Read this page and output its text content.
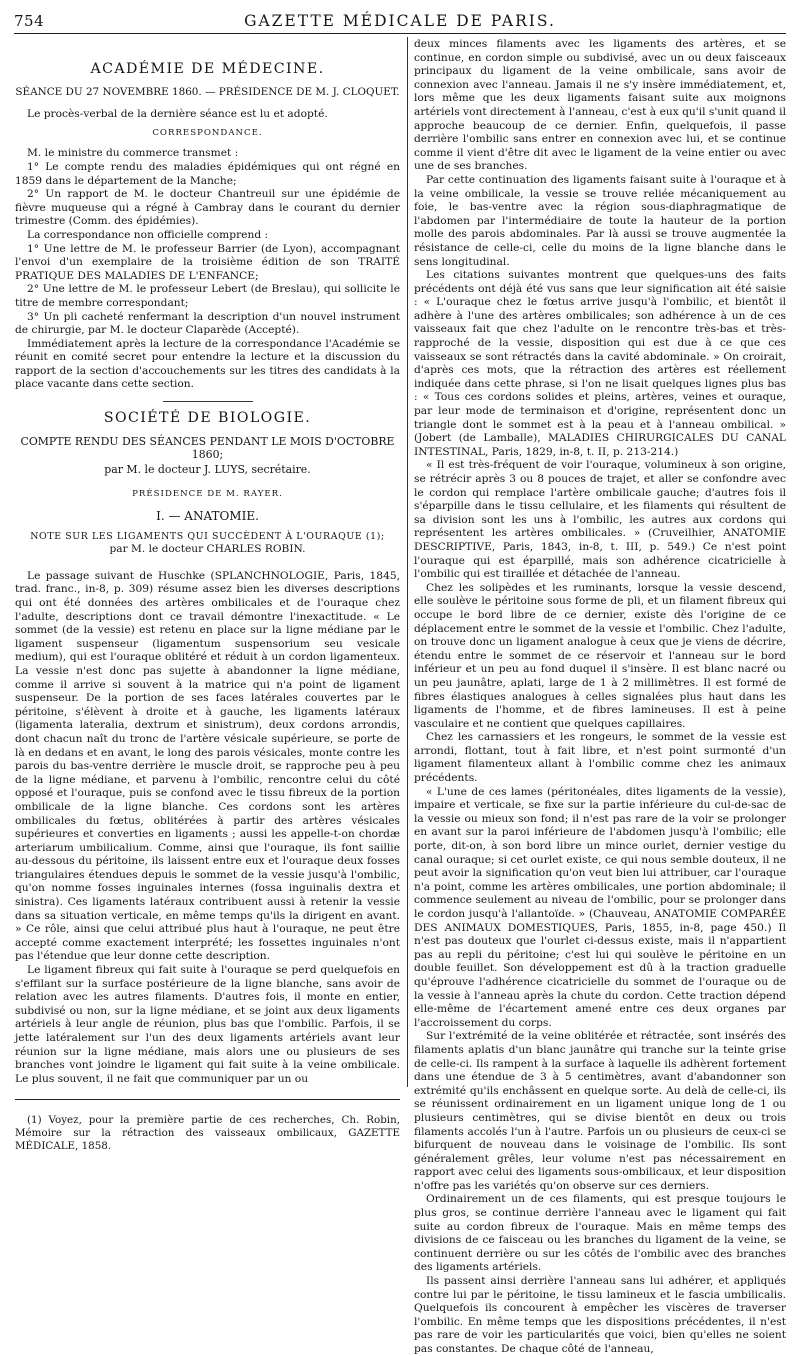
GAZETTE MÉDICALE DE PARIS.
754

ACADÉMIE DE MÉDECINE.

SÉANCE DU 27 NOVEMBRE 1860. — PRÉSIDENCE DE M. J. CLOQUET.

Le procès-verbal de la dernière séance est lu et adopté.

CORRESPONDANCE.

M. le ministre du commerce transmet :

1° Le compte rendu des maladies épidémiques qui ont régné en 1859 dans le département de la Manche;

2° Un rapport de M. le docteur Chantreuil sur une épidémie de fièvre muqueuse qui a régné à Cambray dans le courant du dernier trimestre (Comm. des épidémies).

La correspondance non officielle comprend :

1° Une lettre de M. le professeur Barrier (de Lyon), accompagnant l'envoi d'un exemplaire de la troisième édition de son TRAITÉ PRATIQUE DES MALADIES DE L'ENFANCE;

2° Une lettre de M. le professeur Lebert (de Breslau), qui sollicite le titre de membre correspondant;

3° Un pli cacheté renfermant la description d'un nouvel instrument de chirurgie, par M. le docteur Claparède (Accepté).

Immédiatement après la lecture de la correspondance l'Académie se réunit en comité secret pour entendre la lecture et la discussion du rapport de la section d'accouchements sur les titres des candidats à la place vacante dans cette section.

SOCIÉTÉ DE BIOLOGIE.

COMPTE RENDU DES SÉANCES PENDANT LE MOIS D'OCTOBRE 1860;

par M. le docteur J. LUYS, secrétaire.

PRÉSIDENCE DE M. RAYER.

I. — ANATOMIE.

NOTE SUR LES LIGAMENTS QUI SUCCÈDENT À L'OURAQUE (1);

par M. le docteur CHARLES ROBIN.

Le passage suivant de Huschke (SPLANCHNOLOGIE, Paris, 1845, trad. franc., in-8, p. 309) résume assez bien les diverses descriptions qui ont été données des artères ombilicales et de l'ouraque chez l'adulte, descriptions dont ce travail démontre l'inexactitude. « Le sommet (de la vessie) est retenu en place sur la ligne médiane par le ligament suspenseur (ligamentum suspensorium seu vesicale medium), qui est l'ouraque oblitéré et réduit à un cordon ligamenteux. La vessie n'est donc pas sujette à abandonner la ligne médiane, comme il arrive si souvent à la matrice qui n'a point de ligament suspenseur. De la portion de ses faces latérales couvertes par le péritoine, s'élèvent à droite et à gauche, les ligaments latéraux (ligamenta lateralia, dextrum et sinistrum), deux cordons arrondis, dont chacun naît du tronc de l'artère vésicale supérieure, se porte de là en dedans et en avant, le long des parois vésicales, monte contre les parois du bas-ventre derrière le muscle droit, se rapproche peu à peu de la ligne médiane, et parvenu à l'ombilic, rencontre celui du côté opposé et l'ouraque, puis se confond avec le tissu fibreux de la portion ombilicale de la ligne blanche. Ces cordons sont les artères ombilicales du fœtus, oblitérées à partir des artères vésicales supérieures et converties en ligaments ; aussi les appelle-t-on chordæ arteriarum umbilicalium. Comme, ainsi que l'ouraque, ils font saillie au-dessous du péritoine, ils laissent entre eux et l'ouraque deux fosses triangulaires étendues depuis le sommet de la vessie jusqu'à l'ombilic, qu'on nomme fosses inguinales internes (fossa inguinalis dextra et sinistra). Ces ligaments latéraux contribuent aussi à retenir la vessie dans sa situation verticale, en même temps qu'ils la dirigent en avant. » Ce rôle, ainsi que celui attribué plus haut à l'ouraque, ne peut être accepté comme exactement interprété; les fossettes inguinales n'ont pas l'étendue que leur donne cette description.

Le ligament fibreux qui fait suite à l'ouraque se perd quelquefois en s'effilant sur la surface postérieure de la ligne blanche, sans avoir de relation avec les autres filaments. D'autres fois, il monte en entier, subdivisé ou non, sur la ligne médiane, et se joint aux deux ligaments artériels à leur angle de réunion, plus bas que l'ombilic. Parfois, il se jette latéralement sur l'un des deux ligaments artériels avant leur réunion sur la ligne médiane, mais alors une ou plusieurs de ses branches vont joindre le ligament qui fait suite à la veine ombilicale. Le plus souvent, il ne fait que communiquer par un ou

(1) Voyez, pour la première partie de ces recherches, Ch. Robin, Mémoire sur la rétraction des vaisseaux ombilicaux, GAZETTE MÉDICALE, 1858.

deux minces filaments avec les ligaments des artères, et se continue, en cordon simple ou subdivisé, avec un ou deux faisceaux principaux du ligament de la veine ombilicale, sans avoir de connexion avec l'anneau. Jamais il ne s'y insère immédiatement, et, lors même que les deux ligaments faisant suite aux moignons artériels vont directement à l'anneau, c'est à eux qu'il s'unit quand il approche beaucoup de ce dernier. Enfin, quelquefois, il passe derrière l'ombilic sans entrer en connexion avec lui, et se continue comme il vient d'être dit avec le ligament de la veine entier ou avec une de ses branches.

Par cette continuation des ligaments faisant suite à l'ouraque et à la veine ombilicale, la vessie se trouve reliée mécaniquement au foie, le bas-ventre avec la région sous-diaphragmatique de l'abdomen par l'intermédiaire de toute la hauteur de la portion molle des parois abdominales. Par là aussi se trouve augmentée la résistance de celle-ci, celle du moins de la ligne blanche dans le sens longitudinal.

Les citations suivantes montrent que quelques-uns des faits précédents ont déjà été vus sans que leur signification ait été saisie : « L'ouraque chez le fœtus arrive jusqu'à l'ombilic, et bientôt il adhère à l'une des artères ombilicales; son adhérence à un de ces vaisseaux fait que chez l'adulte on le rencontre très-bas et très-rapproché de la vessie, disposition qui est due à ce que ces vaisseaux se sont rétractés dans la cavité abdominale. » On croirait, d'après ces mots, que la rétraction des artères est réellement indiquée dans cette phrase, si l'on ne lisait quelques lignes plus bas : « Tous ces cordons solides et pleins, artères, veines et ouraque, par leur mode de terminaison et d'origine, représentent donc un triangle dont le sommet est à la peau et à l'anneau ombilical. » (Jobert (de Lamballe), MALADIES CHIRURGICALES DU CANAL INTESTINAL, Paris, 1829, in-8, t. II, p. 213-214.)

« Il est très-fréquent de voir l'ouraque, volumineux à son origine, se rétrécir après 3 ou 8 pouces de trajet, et aller se confondre avec le cordon qui remplace l'artère ombilicale gauche; d'autres fois il s'éparpille dans le tissu cellulaire, et les filaments qui résultent de sa division sont les uns à l'ombilic, les autres aux cordons qui représentent les artères ombilicales. » (Cruveilhier, ANATOMIE DESCRIPTIVE, Paris, 1843, in-8, t. III, p. 549.) Ce n'est point l'ouraque qui est éparpillé, mais son adhérence cicatricielle à l'ombilic qui est tiraillée et détachée de l'anneau.

Chez les solipèdes et les ruminants, lorsque la vessie descend, elle soulève le péritoine sous forme de pli, et un filament fibreux qui occupe le bord libre de ce dernier, existe dès l'origine de ce déplacement entre le sommet de la vessie et l'ombilic. Chez l'adulte, on trouve donc un ligament analogue à ceux que je viens de décrire, étendu entre le sommet de ce réservoir et l'anneau sur le bord inférieur et un peu au fond duquel il s'insère. Il est blanc nacré ou un peu jaunâtre, aplati, large de 1 à 2 millimètres. Il est formé de fibres élastiques analogues à celles signalées plus haut dans les ligaments de l'homme, et de fibres lamineuses. Il est à peine vasculaire et ne contient que quelques capillaires.

Chez les carnassiers et les rongeurs, le sommet de la vessie est arrondi, flottant, tout à fait libre, et n'est point surmonté d'un ligament filamenteux allant à l'ombilic comme chez les animaux précédents.

« L'une de ces lames (péritonéales, dites ligaments de la vessie), impaire et verticale, se fixe sur la partie inférieure du cul-de-sac de la vessie ou mieux son fond; il n'est pas rare de la voir se prolonger en avant sur la paroi inférieure de l'abdomen jusqu'à l'ombilic; elle porte, dit-on, à son bord libre un mince ourlet, dernier vestige du canal ouraque; si cet ourlet existe, ce qui nous semble douteux, il ne peut avoir la signification qu'on veut bien lui attribuer, car l'ouraque n'a point, comme les artères ombilicales, une portion abdominale; il commence seulement au niveau de l'ombilic, pour se prolonger dans le cordon jusqu'à l'allantoïde. » (Chauveau, ANATOMIE COMPARÉE DES ANIMAUX DOMESTIQUES, Paris, 1855, in-8, page 450.) Il n'est pas douteux que l'ourlet ci-dessus existe, mais il n'appartient pas au repli du péritoine; c'est lui qui soulève le péritoine en un double feuillet. Son développement est dû à la traction graduelle qu'éprouve l'adhérence cicatricielle du sommet de l'ouraque ou de la vessie à l'anneau après la chute du cordon. Cette traction dépend elle-même de l'écartement amené entre ces deux organes par l'accroissement du corps.

Sur l'extrémité de la veine oblitérée et rétractée, sont insérés des filaments aplatis d'un blanc jaunâtre qui tranche sur la teinte grise de celle-ci. Ils rampent à la surface à laquelle ils adhèrent fortement dans une étendue de 3 à 5 centimètres, avant d'abandonner son extrémité qu'ils enchâssent en quelque sorte. Au delà de celle-ci, ils se réunissent ordinairement en un ligament unique long de 1 ou plusieurs centimètres, qui se divise bientôt en deux ou trois filaments accolés l'un à l'autre. Parfois un ou plusieurs de ceux-ci se bifurquent de nouveau dans le voisinage de l'ombilic. Ils sont généralement grêles, leur volume n'est pas nécessairement en rapport avec celui des ligaments sous-ombilicaux, et leur disposition n'offre pas les variétés qu'on observe sur ces derniers.

Ordinairement un de ces filaments, qui est presque toujours le plus gros, se continue derrière l'anneau avec le ligament qui fait suite au cordon fibreux de l'ouraque. Mais en même temps des divisions de ce faisceau ou les branches du ligament de la veine, se continuent derrière ou sur les côtés de l'ombilic avec des branches des ligaments artériels.

Ils passent ainsi derrière l'anneau sans lui adhérer, et appliqués contre lui par le péritoine, le tissu lamineux et le fascia umbilicalis. Quelquefois ils concourent à empêcher les viscères de traverser l'ombilic. En même temps que les dispositions précédentes, il n'est pas rare de voir les particularités que voici, bien qu'elles ne soient pas constantes. De chaque côté de l'anneau,
